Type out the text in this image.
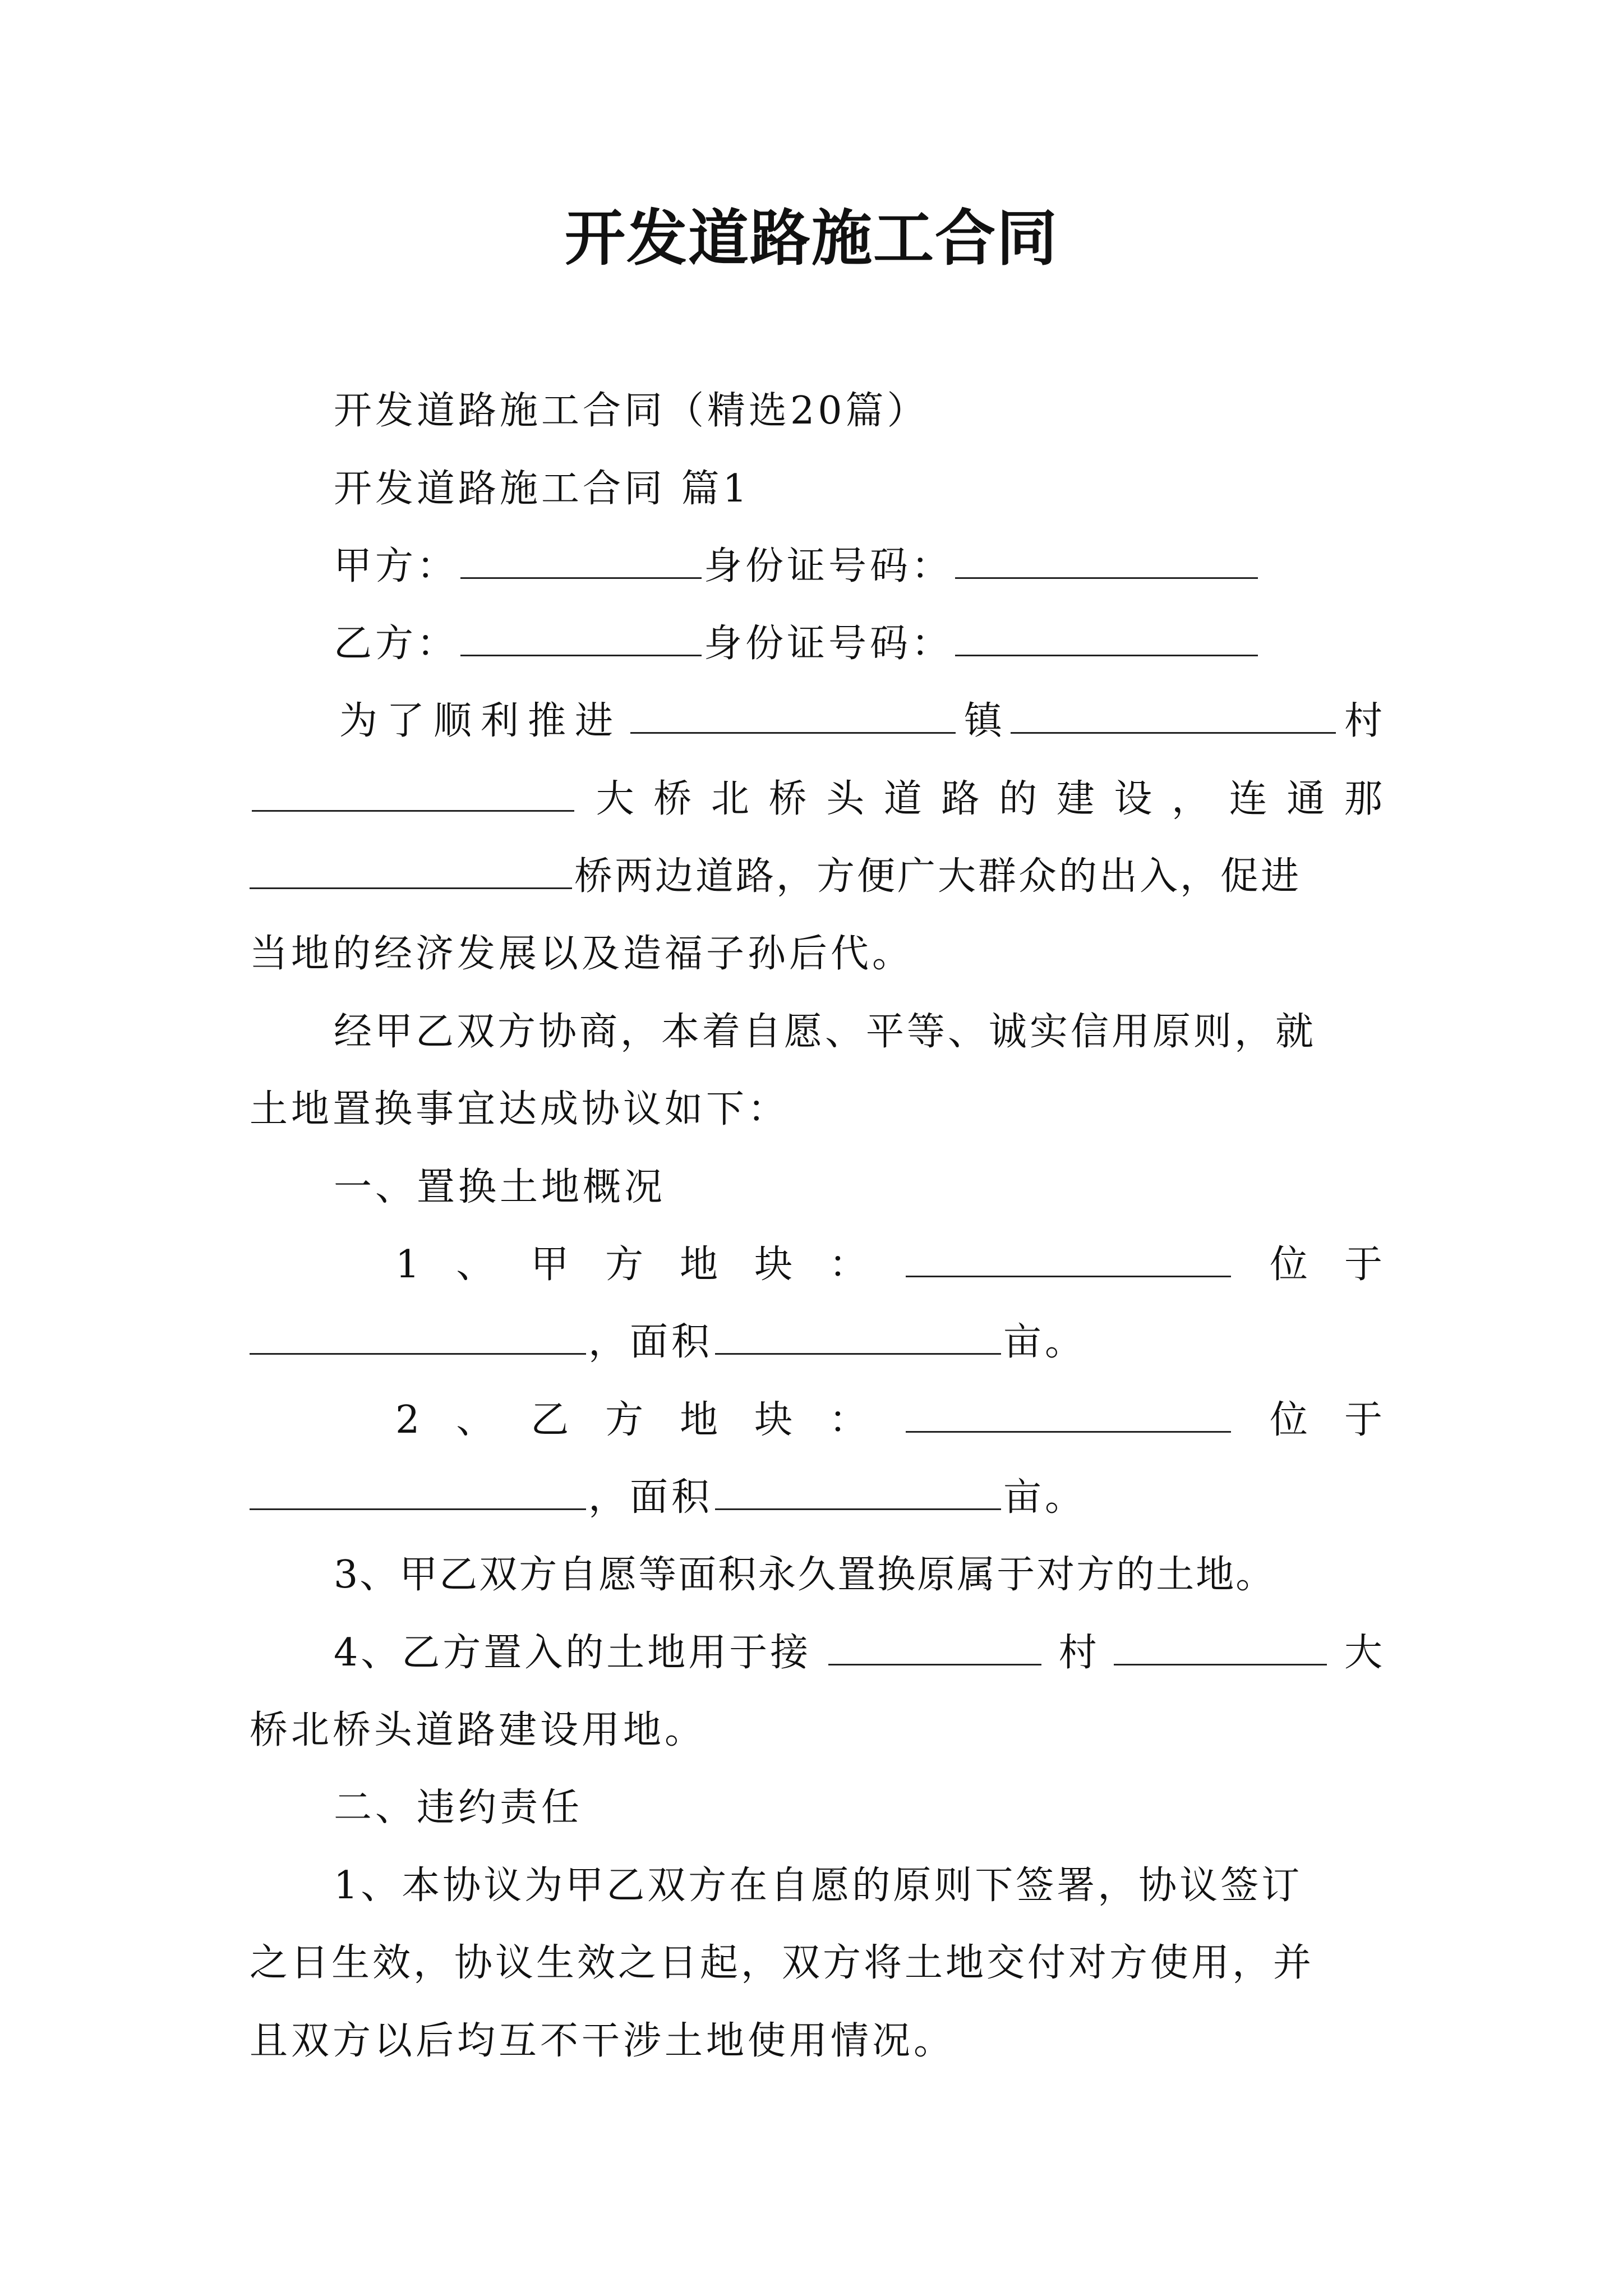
开发道路施工合同
开发道路施工合同（精选20篇）
开发道路施工合同 篇1
甲方：	身份证号码：
乙方：	身份证号码：
为了顺利推进	镇	村
大 桥 北 桥 头 道 路 的 建 设 ， 连 通 那
桥两边道路，方便广大群众的出入，促进
当地的经济发展以及造福子孙后代。
经甲乙双方协商，本着自愿、平等、诚实信用原则，就
土地置换事宜达成协议如下：
一、置换土地概况
1 、 甲 方 地 块 ：	位 于
，面积	亩。
2 、 乙 方 地 块 ：	位 于
，面积	亩。
3、甲乙双方自愿等面积永久置换原属于对方的土地。
4、乙方置入的土地用于接	村	大
桥北桥头道路建设用地。
二、违约责任
1、本协议为甲乙双方在自愿的原则下签署，协议签订
之日生效，协议生效之日起，双方将土地交付对方使用，并
且双方以后均互不干涉土地使用情况。
